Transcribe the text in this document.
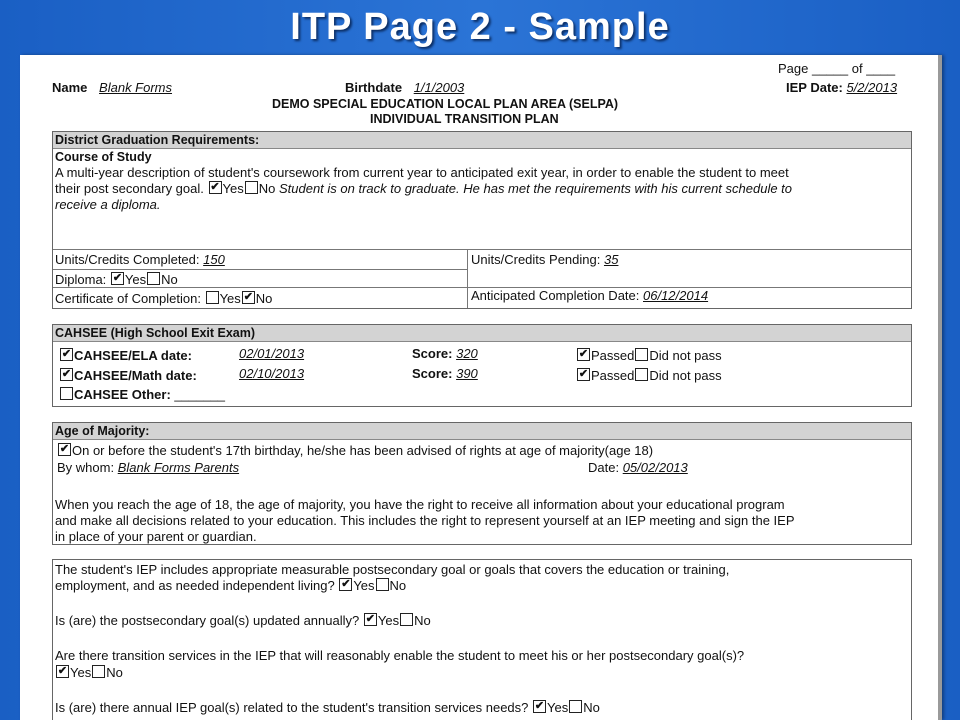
ITP Page 2 - Sample
Page _____ of ____
Name Blank Forms	Birthdate 1/1/2003	IEP Date: 5/2/2013
DEMO SPECIAL EDUCATION LOCAL PLAN AREA (SELPA)
INDIVIDUAL TRANSITION PLAN
District Graduation Requirements:
Course of Study
A multi-year description of student's coursework from current year to anticipated exit year, in order to enable the student to meet
their post secondary goal. ✔ Yes No Student is on track to graduate. He has met the requirements with his current schedule to
receive a diploma.
Units/Credits Completed: 150	Units/Credits Pending: 35
Diploma: ✔ Yes No
Certificate of Completion: Yes ✔ No	Anticipated Completion Date: 06/12/2014
CAHSEE (High School Exit Exam)
✔CAHSEE/ELA date:	02/01/2013	Score: 320 ✔	Passed Did not pass
✔CAHSEE/Math date:	02/10/2013	Score: 390 ✔	Passed Did not pass
CAHSEE Other: _______
Age of Majority:
✔On or before the student's 17th birthday, he/she has been advised of rights at age of majority(age 18)
By whom: Blank Forms Parents	Date: 05/02/2013
When you reach the age of 18, the age of majority, you have the right to receive all information about your educational program
and make all decisions related to your education. This includes the right to represent yourself at an IEP meeting and sign the IEP
in place of your parent or guardian.
The student's IEP includes appropriate measurable postsecondary goal or goals that covers the education or training,
employment, and as needed independent living? ✔ Yes No
Is (are) the postsecondary goal(s) updated annually? ✔ Yes No
Are there transition services in the IEP that will reasonably enable the student to meet his or her postsecondary goal(s)?
✔Yes No
Is (are) there annual IEP goal(s) related to the student's transition services needs? ✔ Yes No
